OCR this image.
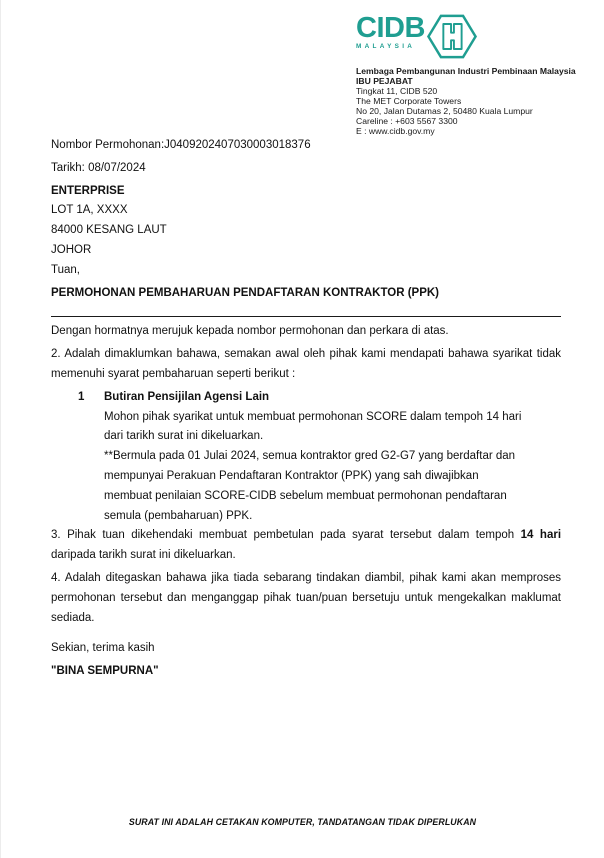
CIDB
MALAYSIA
Lembaga Pembangunan Industri Pembinaan Malaysia
IBU PEJABAT
Tingkat 11, CIDB 520
The MET Corporate Towers
No 20, Jalan Dutamas 2, 50480 Kuala Lumpur
Careline : +603 5567 3300
E : www.cidb.gov.my
Nombor Permohonan:J0409202407030003018376
Tarikh: 08/07/2024
ENTERPRISE
LOT 1A, XXXX
84000 KESANG LAUT
JOHOR
Tuan,
PERMOHONAN PEMBAHARUAN PENDAFTARAN KONTRAKTOR (PPK)
Dengan hormatnya merujuk kepada nombor permohonan dan perkara di atas.
2. Adalah dimaklumkan bahawa, semakan awal oleh pihak kami mendapati bahawa syarikat tidak memenuhi syarat pembaharuan seperti berikut :
1	Butiran Pensijilan Agensi Lain
Mohon pihak syarikat untuk membuat permohonan SCORE dalam tempoh 14 hari dari tarikh surat ini dikeluarkan.
**Bermula pada 01 Julai 2024, semua kontraktor gred G2-G7 yang berdaftar dan mempunyai Perakuan Pendaftaran Kontraktor (PPK) yang sah diwajibkan membuat penilaian SCORE-CIDB sebelum membuat permohonan pendaftaran semula (pembaharuan) PPK.
3. Pihak tuan dikehendaki membuat pembetulan pada syarat tersebut dalam tempoh 14 hari daripada tarikh surat ini dikeluarkan.
4. Adalah ditegaskan bahawa jika tiada sebarang tindakan diambil, pihak kami akan memproses permohonan tersebut dan menganggap pihak tuan/puan bersetuju untuk mengekalkan maklumat sediada.
Sekian, terima kasih
"BINA SEMPURNA"
SURAT INI ADALAH CETAKAN KOMPUTER, TANDATANGAN TIDAK DIPERLUKAN
